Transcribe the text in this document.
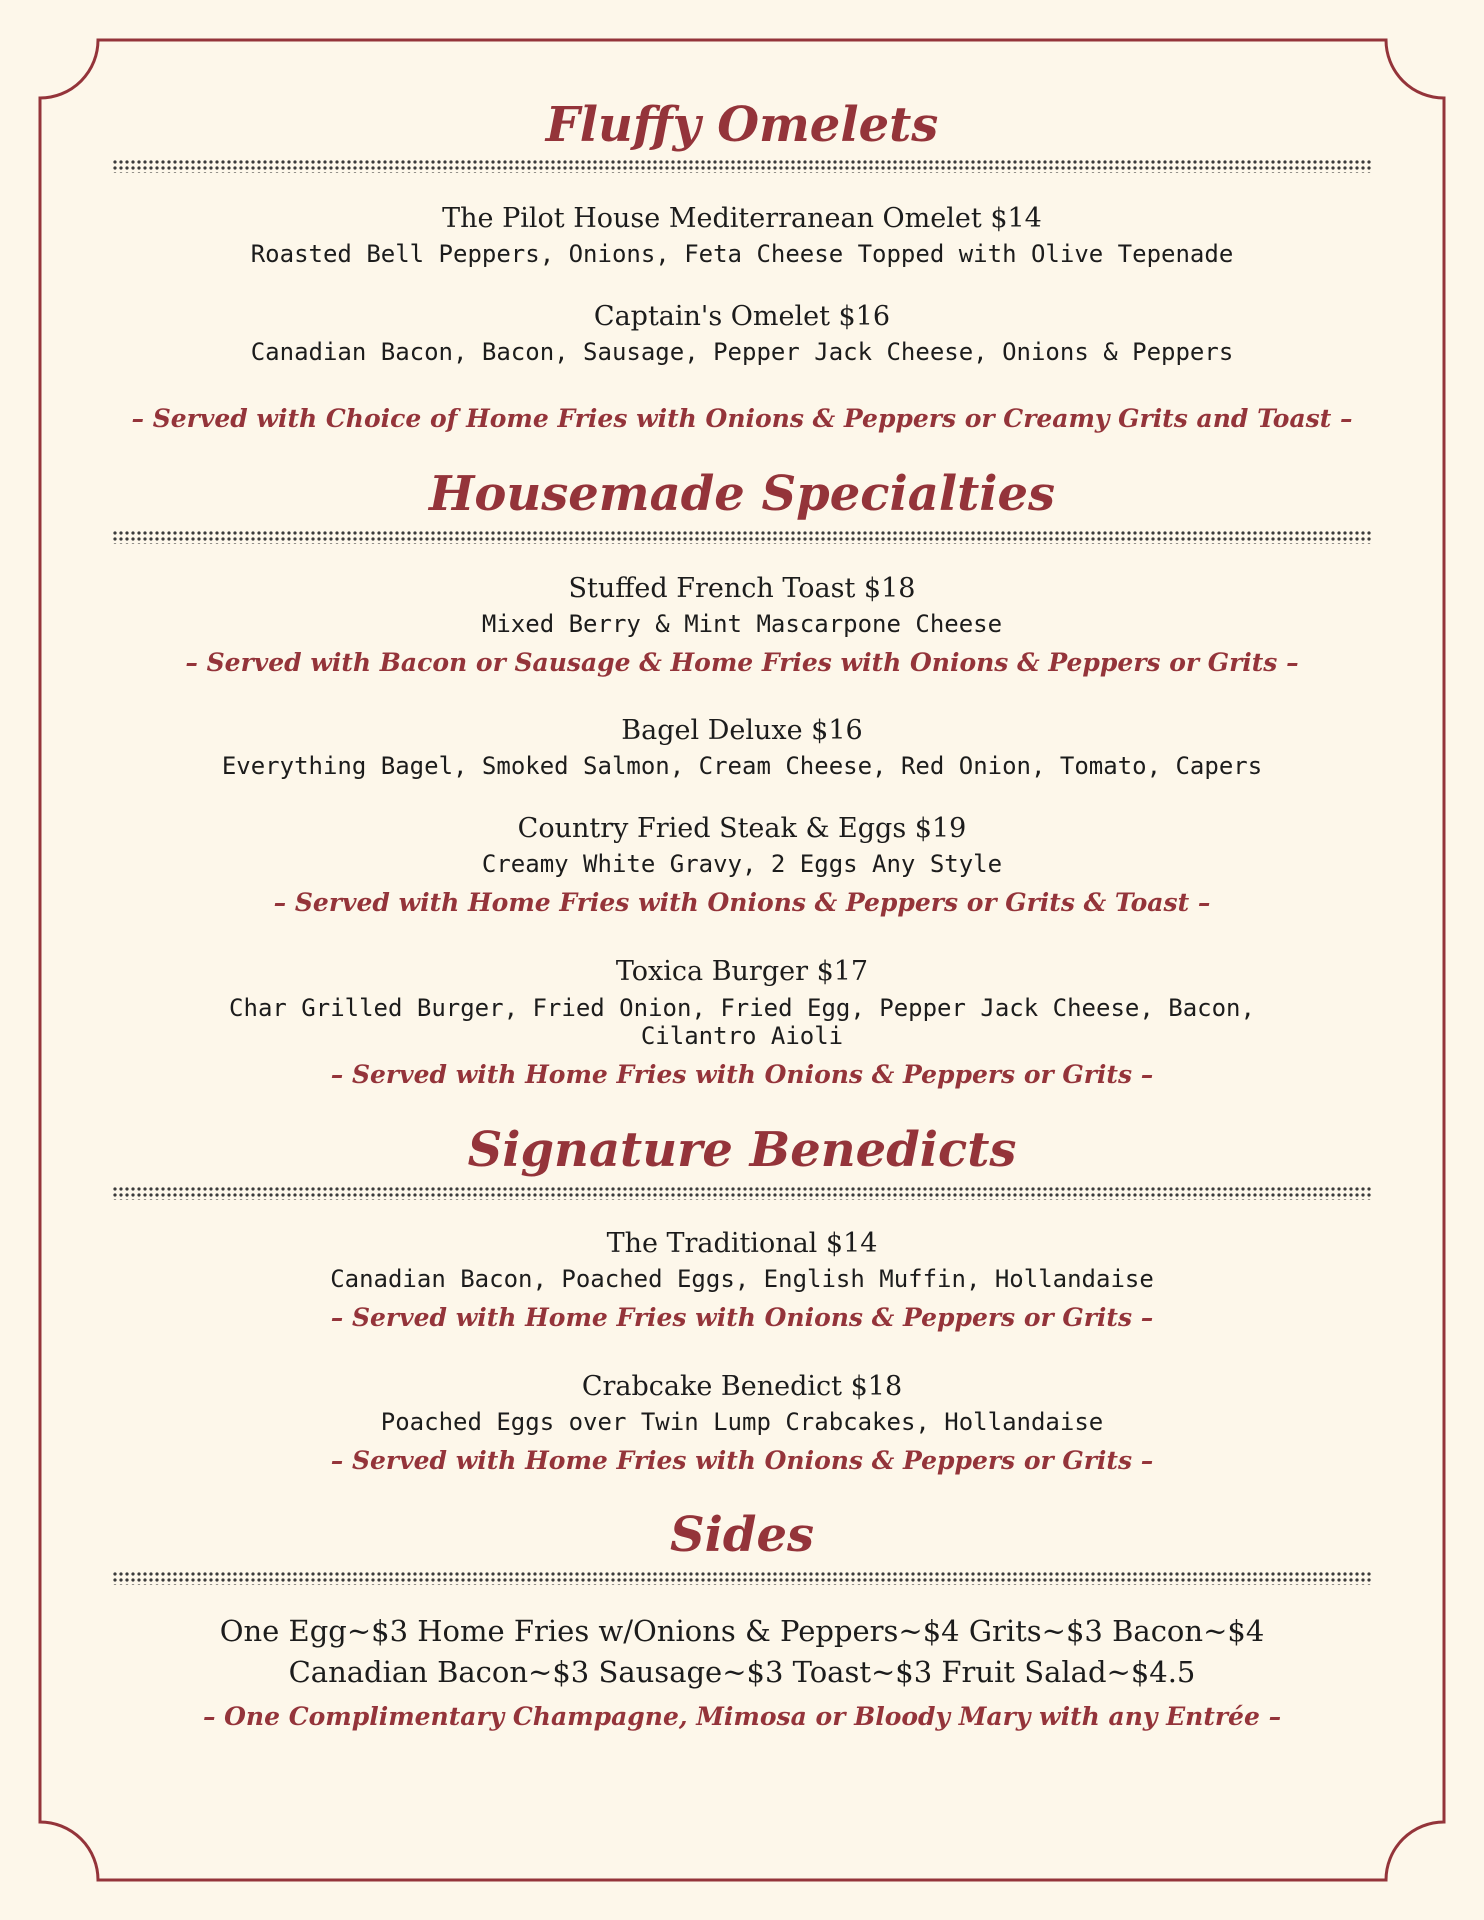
Fluffy Omelets
The Pilot House Mediterranean Omelet $14
Roasted Bell Peppers, Onions, Feta Cheese Topped with Olive Tepenade
Captain's Omelet $16
Canadian Bacon, Bacon, Sausage, Pepper Jack Cheese, Onions & Peppers
– Served with Choice of Home Fries with Onions & Peppers or Creamy Grits and Toast –
Housemade Specialties
Stuffed French Toast $18
Mixed Berry & Mint Mascarpone Cheese
– Served with Bacon or Sausage & Home Fries with Onions & Peppers or Grits –
Bagel Deluxe $16
Everything Bagel, Smoked Salmon, Cream Cheese, Red Onion, Tomato, Capers
Country Fried Steak & Eggs $19
Creamy White Gravy, 2 Eggs Any Style
– Served with Home Fries with Onions & Peppers or Grits & Toast –
Toxica Burger $17
Char Grilled Burger, Fried Onion, Fried Egg, Pepper Jack Cheese, Bacon,
Cilantro Aioli
– Served with Home Fries with Onions & Peppers or Grits –
Signature Benedicts
The Traditional $14
Canadian Bacon, Poached Eggs, English Muffin, Hollandaise
– Served with Home Fries with Onions & Peppers or Grits –
Crabcake Benedict $18
Poached Eggs over Twin Lump Crabcakes, Hollandaise
– Served with Home Fries with Onions & Peppers or Grits –
Sides
One Egg~$3 Home Fries w/Onions & Peppers~$4 Grits~$3 Bacon~$4
Canadian Bacon~$3 Sausage~$3 Toast~$3 Fruit Salad~$4.5
– One Complimentary Champagne, Mimosa or Bloody Mary with any Entrée –
